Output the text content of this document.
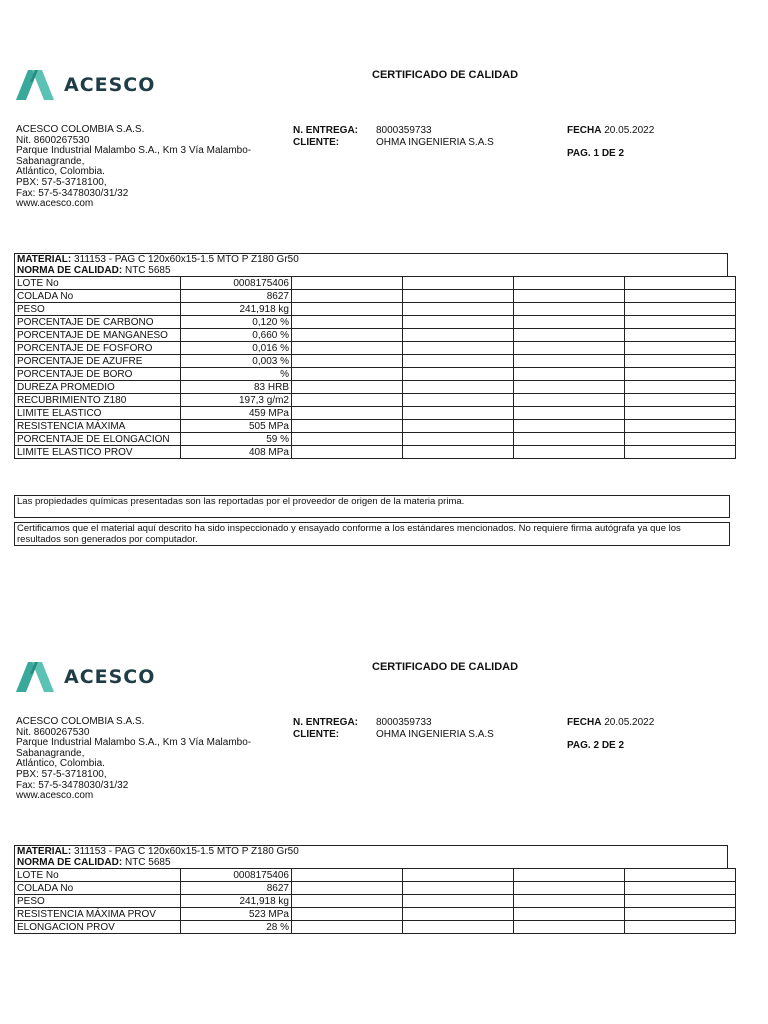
ACESCO	CERTIFICADO DE CALIDAD
ACESCO COLOMBIA S.A.S.
Nit. 8600267530
Parque Industrial Malambo S.A., Km 3 Vía Malambo-Sabanagrande,
Atlántico, Colombia.
PBX: 57-5-3718100,
Fax: 57-5-3478030/31/32
www.acesco.com
N. ENTREGA:	8000359733
CLIENTE:	OHMA INGENIERIA S.A.S
FECHA 20.05.2022
PAG. 1 DE 2
MATERIAL: 311153 - PAG C 120x60x15-1.5 MTO P Z180 Gr50
NORMA DE CALIDAD: NTC 5685
LOTE No	0008175406				
COLADA No	8627				
PESO	241,918 kg				
PORCENTAJE DE CARBONO	0,120 %				
PORCENTAJE DE MANGANESO	0,660 %				
PORCENTAJE DE FOSFORO	0,016 %				
PORCENTAJE DE AZUFRE	0,003 %				
PORCENTAJE DE BORO	%				
DUREZA PROMEDIO	83 HRB				
RECUBRIMIENTO Z180	197,3 g/m2				
LIMITE ELASTICO	459 MPa				
RESISTENCIA MÁXIMA	505 MPa				
PORCENTAJE DE ELONGACION	59 %				
LIMITE ELASTICO PROV	408 MPa				
Las propiedades químicas presentadas son las reportadas por el proveedor de origen de la materia prima.
Certificamos que el material aquí descrito ha sido inspeccionado y ensayado conforme a los estándares mencionados. No requiere firma autógrafa ya que los resultados son generados por computador.
ACESCO	CERTIFICADO DE CALIDAD
ACESCO COLOMBIA S.A.S.
Nit. 8600267530
Parque Industrial Malambo S.A., Km 3 Vía Malambo-Sabanagrande,
Atlántico, Colombia.
PBX: 57-5-3718100,
Fax: 57-5-3478030/31/32
www.acesco.com
N. ENTREGA:	8000359733
CLIENTE:	OHMA INGENIERIA S.A.S
FECHA 20.05.2022
PAG. 2 DE 2
MATERIAL: 311153 - PAG C 120x60x15-1.5 MTO P Z180 Gr50
NORMA DE CALIDAD: NTC 5685
LOTE No	0008175406				
COLADA No	8627				
PESO	241,918 kg				
RESISTENCIA MÁXIMA PROV	523 MPa				
ELONGACION PROV	28 %				
